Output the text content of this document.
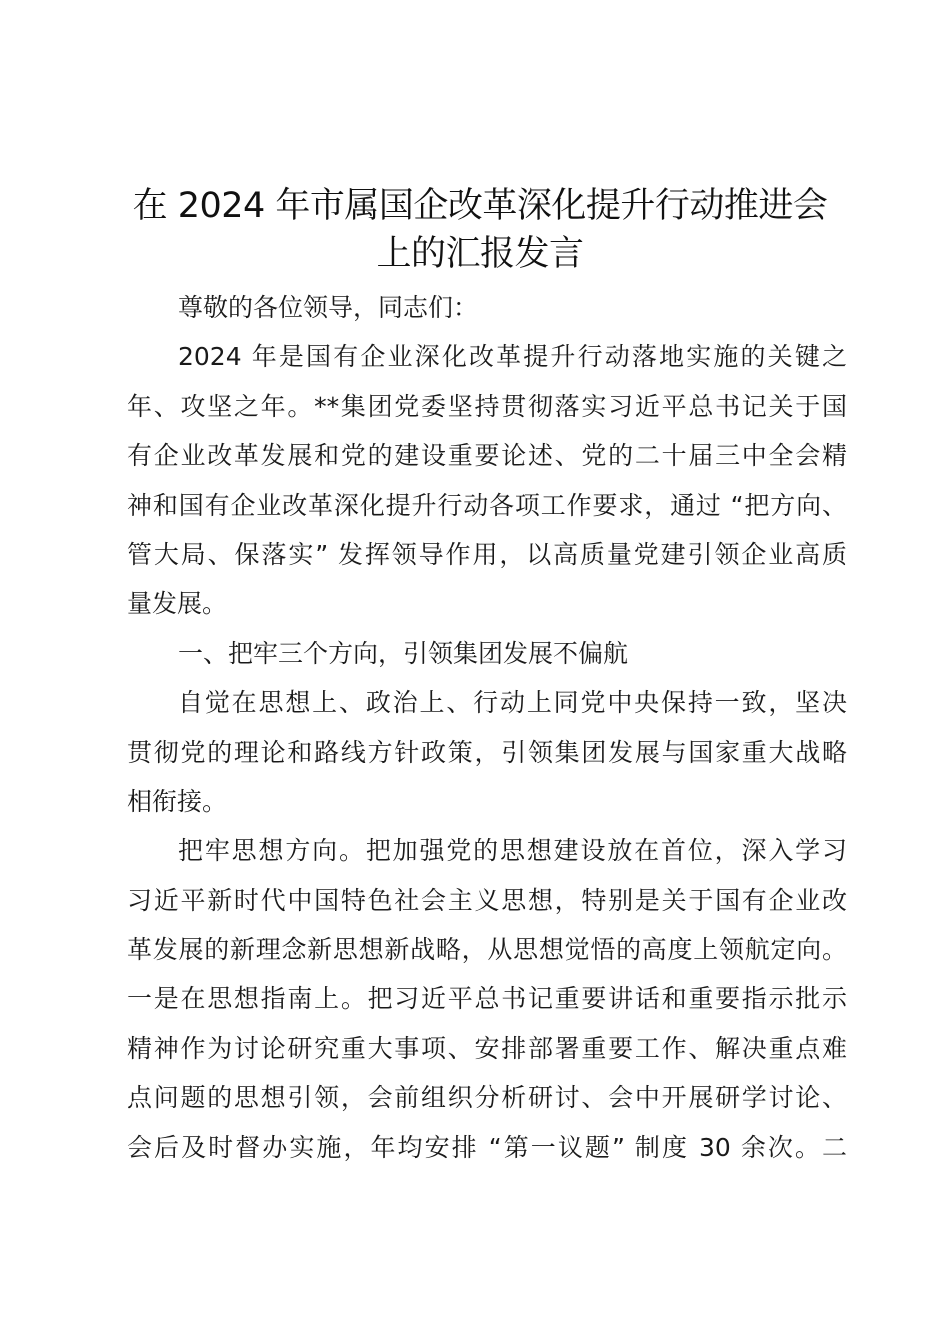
在 2024 年市属国企改革深化提升行动推进会
上的汇报发言
尊敬的各位领导，同志们：
2024 年是国有企业深化改革提升行动落地实施的关键之
年、攻坚之年。**集团党委坚持贯彻落实习近平总书记关于国
有企业改革发展和党的建设重要论述、党的二十届三中全会精
神和国有企业改革深化提升行动各项工作要求，通过 “把方向、
管大局、保落实” 发挥领导作用，以高质量党建引领企业高质
量发展。
一、把牢三个方向，引领集团发展不偏航
自觉在思想上、政治上、行动上同党中央保持一致，坚决
贯彻党的理论和路线方针政策，引领集团发展与国家重大战略
相衔接。
把牢思想方向。把加强党的思想建设放在首位，深入学习
习近平新时代中国特色社会主义思想，特别是关于国有企业改
革发展的新理念新思想新战略，从思想觉悟的高度上领航定向。
一是在思想指南上。把习近平总书记重要讲话和重要指示批示
精神作为讨论研究重大事项、安排部署重要工作、解决重点难
点问题的思想引领，会前组织分析研讨、会中开展研学讨论、
会后及时督办实施，年均安排 “第一议题” 制度 30 余次。二
